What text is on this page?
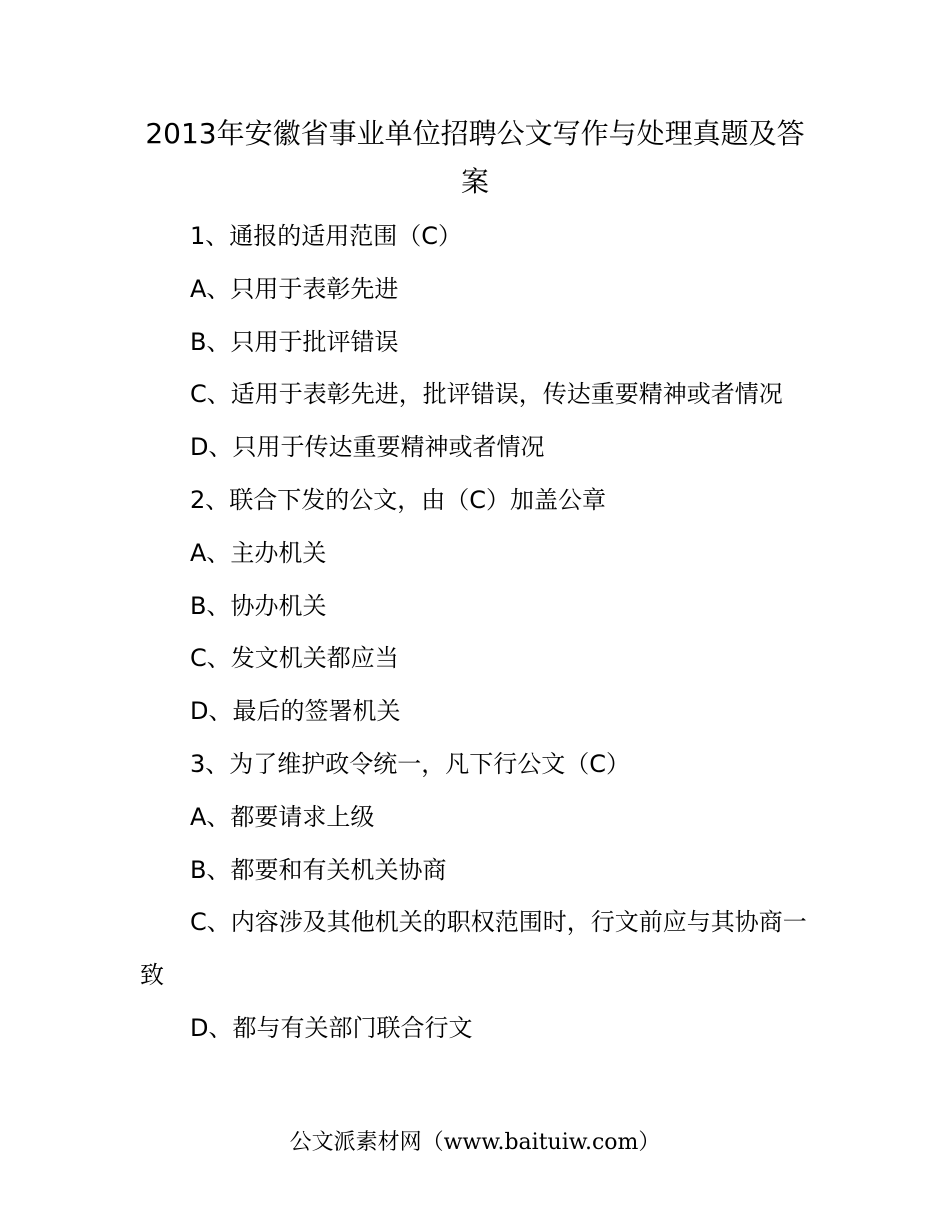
2013年安徽省事业单位招聘公文写作与处理真题及答案

1、通报的适用范围（C）

A、只用于表彰先进

B、只用于批评错误

C、适用于表彰先进，批评错误，传达重要精神或者情况

D、只用于传达重要精神或者情况

2、联合下发的公文，由（C）加盖公章

A、主办机关

B、协办机关

C、发文机关都应当

D、最后的签署机关

3、为了维护政令统一，凡下行公文（C）

A、都要请求上级

B、都要和有关机关协商

C、内容涉及其他机关的职权范围时，行文前应与其协商一致

D、都与有关部门联合行文

公文派素材网（www.baituiw.com）
